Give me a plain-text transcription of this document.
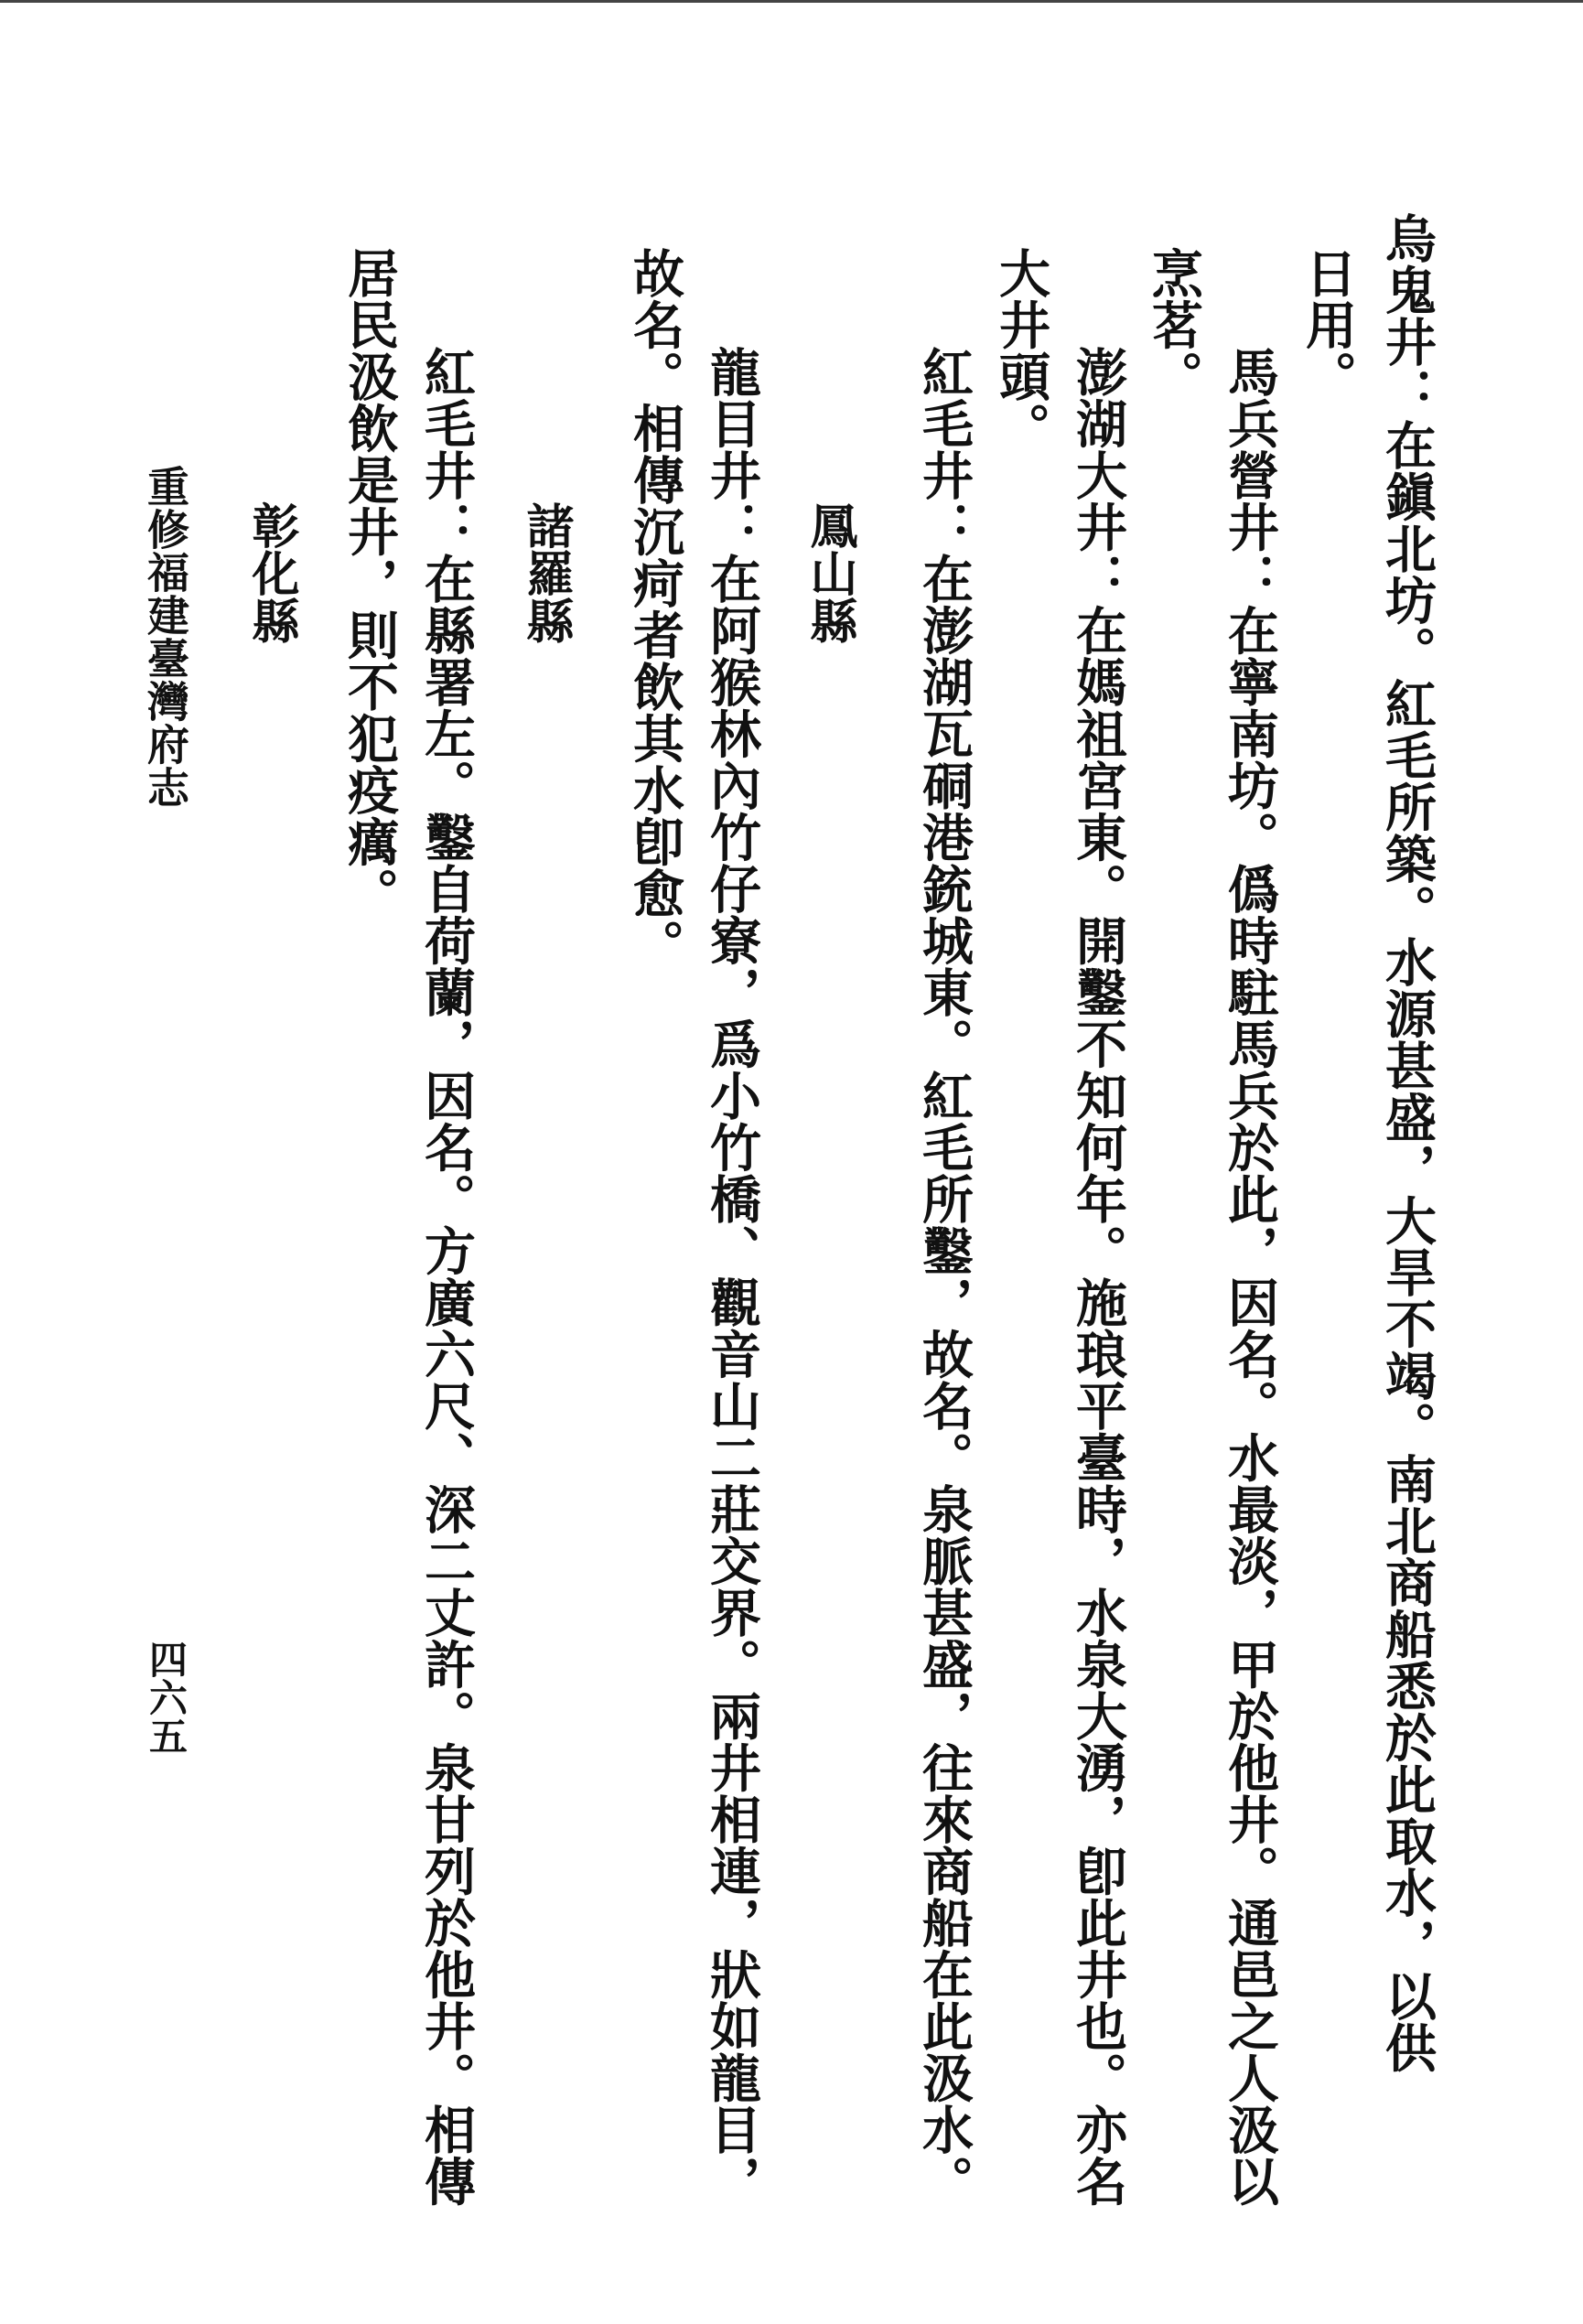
烏鬼井：在鎭北坊。紅毛所築。水源甚盛，大旱不竭。南北商船悉於此取水，以供
日用。
馬兵營井：在寧南坊。僞時駐馬兵於此，因名。水最淡，甲於他井。通邑之人汲以
烹茗。
澎湖大井：在媽祖宮東。開鑿不知何年。施琅平臺時，水泉大湧，卽此井也。亦名
大井頭。
紅毛井：在澎湖瓦硐港銃城東。紅毛所鑿，故名。泉脈甚盛，往來商船在此汲水。
鳳山縣
龍目井：在阿猴林內竹仔寮，爲小竹橋、觀音山二莊交界。兩井相連，狀如龍目，
故名。相傳沉疴者飲其水卽愈。
諸羅縣
紅毛井：在縣署左。鑿自荷蘭，因名。方廣六尺、深二丈許。泉甘列於他井。相傳
居民汲飲是井，則不犯疫癘。
彰化縣
重修福建臺灣府志
四六五
